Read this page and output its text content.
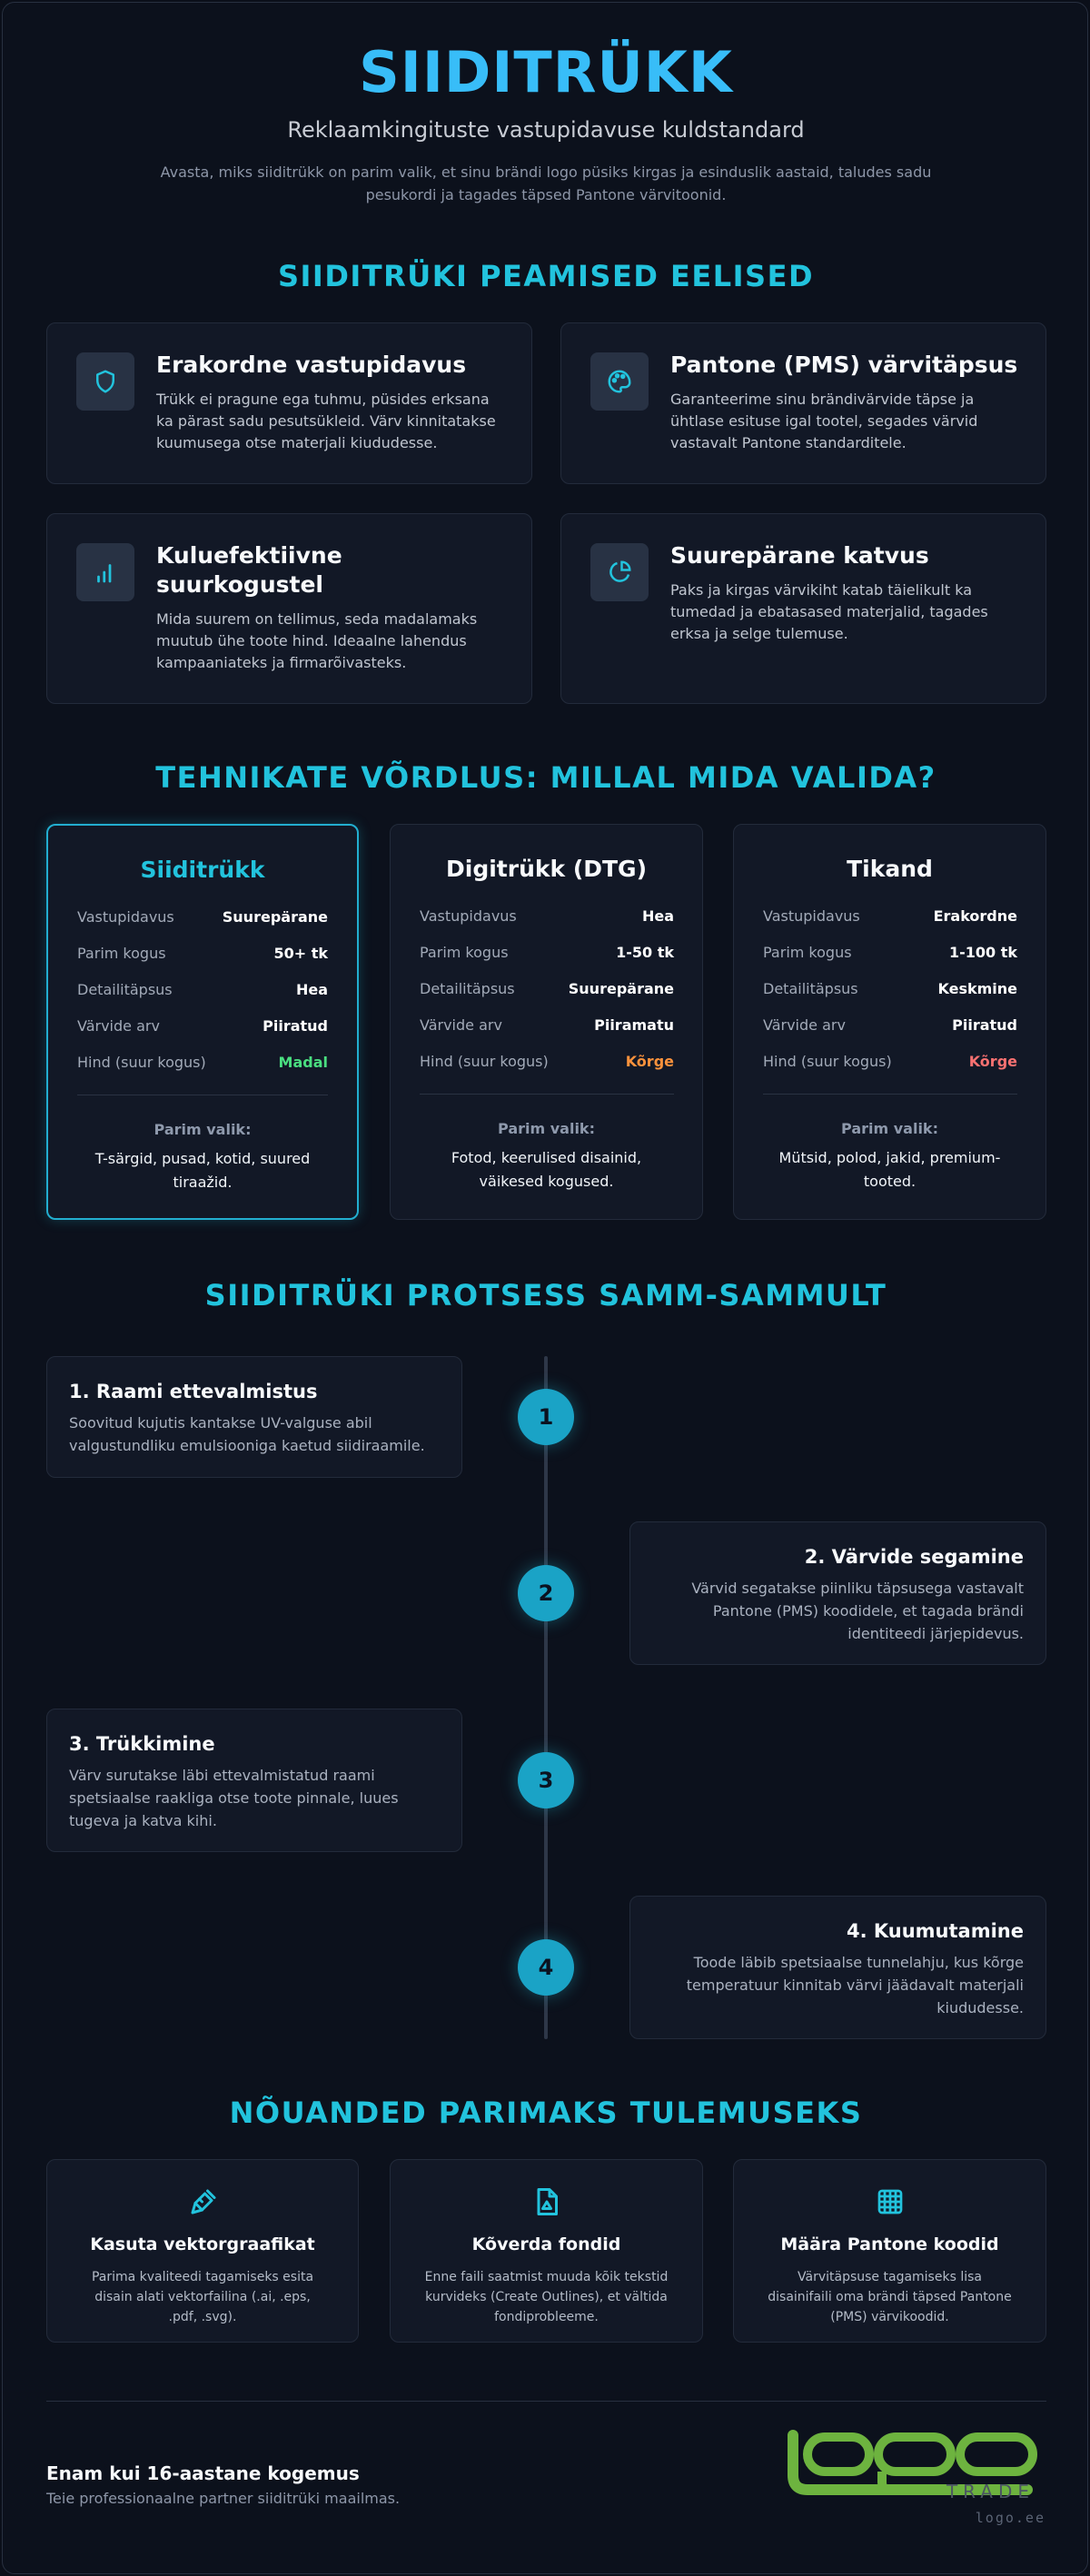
SIIDITRÜKK
Reklaamkingituste vastupidavuse kuldstandard
Avasta, miks siiditrükk on parim valik, et sinu brändi logo püsiks kirgas ja esinduslik aastaid, taludes sadu pesukordi ja tagades täpsed Pantone värvitoonid.
SIIDITRÜKI PEAMISED EELISED
Erakordne vastupidavus
Trükk ei pragune ega tuhmu, püsides erksana ka pärast sadu pesutsükleid. Värv kinnitatakse kuumusega otse materjali kiududesse.
Pantone (PMS) värvitäpsus
Garanteerime sinu brändivärvide täpse ja ühtlase esituse igal tootel, segades värvid vastavalt Pantone standarditele.
Kuluefektiivne suurkogustel
Mida suurem on tellimus, seda madalamaks muutub ühe toote hind. Ideaalne lahendus kampaaniateks ja firmarõivasteks.
Suurepärane katvus
Paks ja kirgas värvikiht katab täielikult ka tumedad ja ebatasased materjalid, tagades erksa ja selge tulemuse.
TEHNIKATE VÕRDLUS: MILLAL MIDA VALIDA?
Siiditrükk
Vastupidavus	Suurepärane
Parim kogus	50+ tk
Detailitäpsus	Hea
Värvide arv	Piiratud
Hind (suur kogus)	Madal
Parim valik:
T-särgid, pusad, kotid, suured tiraažid.
Digitrükk (DTG)
Vastupidavus	Hea
Parim kogus	1-50 tk
Detailitäpsus	Suurepärane
Värvide arv	Piiramatu
Hind (suur kogus)	Kõrge
Parim valik:
Fotod, keerulised disainid, väikesed kogused.
Tikand
Vastupidavus	Erakordne
Parim kogus	1-100 tk
Detailitäpsus	Keskmine
Värvide arv	Piiratud
Hind (suur kogus)	Kõrge
Parim valik:
Mütsid, polod, jakid, premium-tooted.
SIIDITRÜKI PROTSESS SAMM-SAMMULT
1. Raami ettevalmistus
Soovitud kujutis kantakse UV-valguse abil valgustundliku emulsiooniga kaetud siidiraamile.
1
2. Värvide segamine
Värvid segatakse piinliku täpsusega vastavalt Pantone (PMS) koodidele, et tagada brändi identiteedi järjepidevus.
2
3. Trükkimine
Värv surutakse läbi ettevalmistatud raami spetsiaalse raakliga otse toote pinnale, luues tugeva ja katva kihi.
3
4. Kuumutamine
Toode läbib spetsiaalse tunnelahju, kus kõrge temperatuur kinnitab värvi jäädavalt materjali kiududesse.
4
NÕUANDED PARIMAKS TULEMUSEKS
Kasuta vektorgraafikat
Parima kvaliteedi tagamiseks esita disain alati vektorfailina (.ai, .eps, .pdf, .svg).
Kõverda fondid
Enne faili saatmist muuda kõik tekstid kurvideks (Create Outlines), et vältida fondiprobleeme.
Määra Pantone koodid
Värvitäpsuse tagamiseks lisa disainifaili oma brändi täpsed Pantone (PMS) värvikoodid.
Enam kui 16-aastane kogemus
Teie professionaalne partner siiditrüki maailmas.	TRADE
logo.ee
